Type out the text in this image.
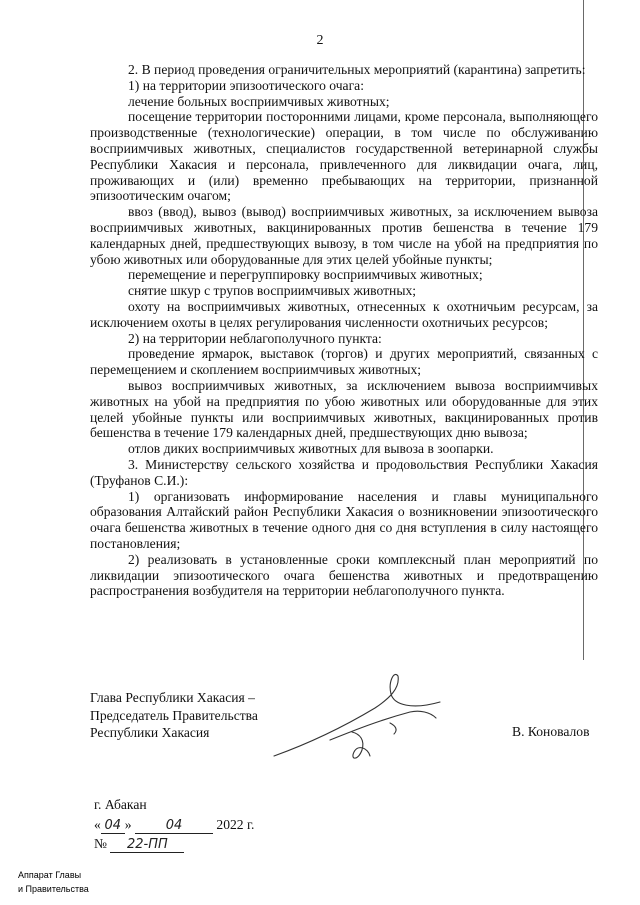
2

2. В период проведения ограничительных мероприятий (карантина) запретить:

1) на территории эпизоотического очага:

лечение больных восприимчивых животных;

посещение территории посторонними лицами, кроме персонала, выполняющего производственные (технологические) операции, в том числе по обслуживанию восприимчивых животных, специалистов государственной ветеринарной службы Республики Хакасия и персонала, привлеченного для ликвидации очага, лиц, проживающих и (или) временно пребывающих на территории, признанной эпизоотическим очагом;

ввоз (ввод), вывоз (вывод) восприимчивых животных, за исключением вывоза восприимчивых животных, вакцинированных против бешенства в течение 179 календарных дней, предшествующих вывозу, в том числе на убой на предприятия по убою животных или оборудованные для этих целей убойные пункты;

перемещение и перегруппировку восприимчивых животных;

снятие шкур с трупов восприимчивых животных;

охоту на восприимчивых животных, отнесенных к охотничьим ресурсам, за исключением охоты в целях регулирования численности охотничьих ресурсов;

2) на территории неблагополучного пункта:

проведение ярмарок, выставок (торгов) и других мероприятий, связанных с перемещением и скоплением восприимчивых животных;

вывоз восприимчивых животных, за исключением вывоза восприимчивых животных на убой на предприятия по убою животных или оборудованные для этих целей убойные пункты или восприимчивых животных, вакцинированных против бешенства в течение 179 календарных дней, предшествующих дню вывоза;

отлов диких восприимчивых животных для вывоза в зоопарки.

3. Министерству сельского хозяйства и продовольствия Республики Хакасия (Труфанов С.И.):

1) организовать информирование населения и главы муниципального образования Алтайский район Республики Хакасия о возникновении эпизоотического очага бешенства животных в течение одного дня со дня вступления в силу настоящего постановления;

2) реализовать в установленные сроки комплексный план мероприятий по ликвидации эпизоотического очага бешенства животных и предотвращению распространения возбудителя на территории неблагополучного пункта.

Глава Республики Хакасия –
Председатель Правительства
Республики Хакасия	В. Коновалов
г. Абакан
« 04 »	04	2022 г.
№ 22-ПП
Аппарат Главы
и Правительства
